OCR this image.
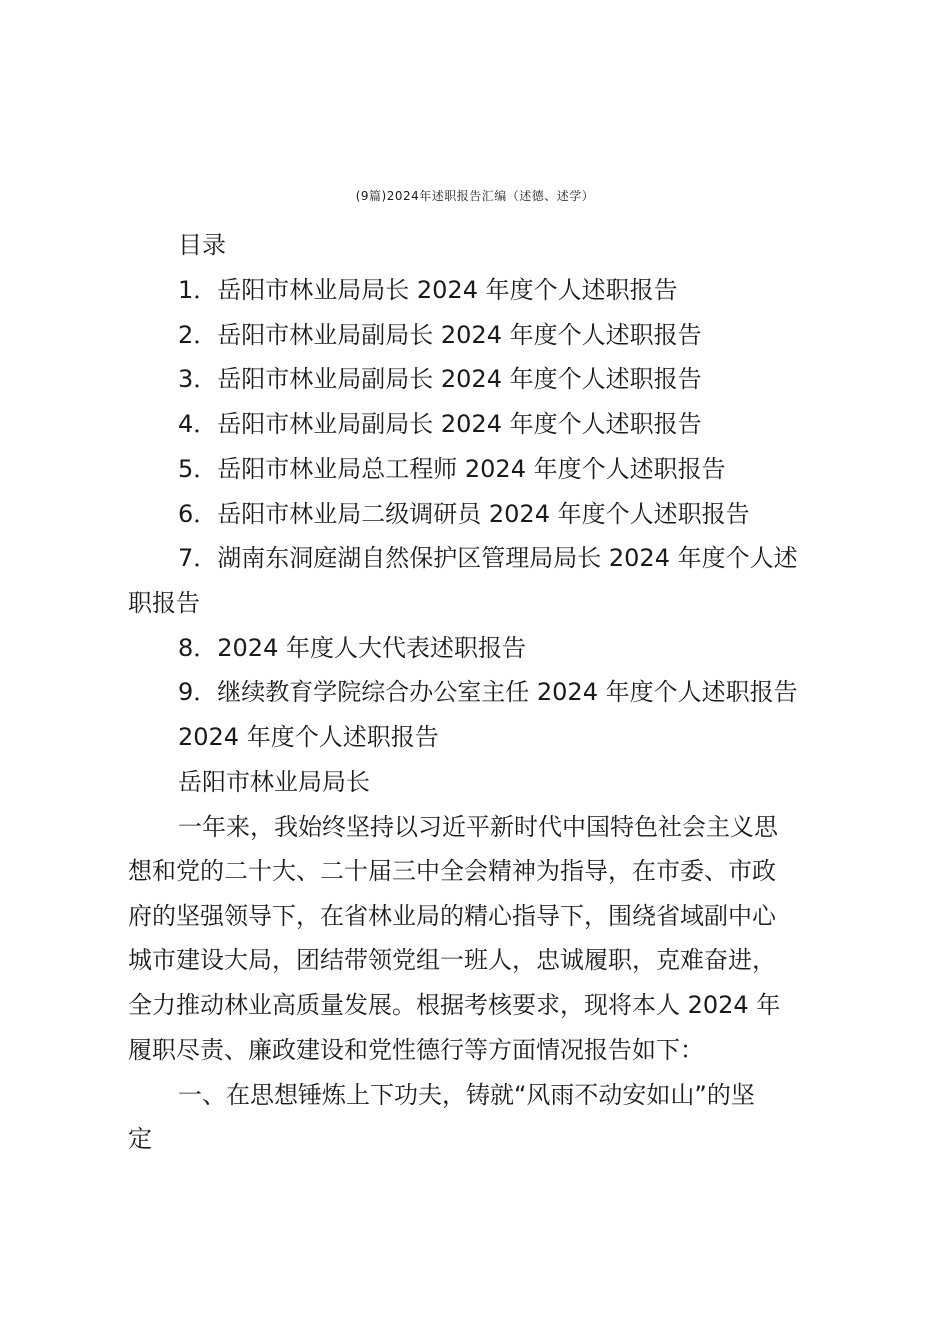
(9篇)2024年述职报告汇编（述德、述学）
目录
1．岳阳市林业局局长 2024 年度个人述职报告
2．岳阳市林业局副局长 2024 年度个人述职报告
3．岳阳市林业局副局长 2024 年度个人述职报告
4．岳阳市林业局副局长 2024 年度个人述职报告
5．岳阳市林业局总工程师 2024 年度个人述职报告
6．岳阳市林业局二级调研员 2024 年度个人述职报告
7．湖南东洞庭湖自然保护区管理局局长 2024 年度个人述
职报告
8．2024 年度人大代表述职报告
9．继续教育学院综合办公室主任 2024 年度个人述职报告
2024 年度个人述职报告
岳阳市林业局局长
一年来，我始终坚持以习近平新时代中国特色社会主义思
想和党的二十大、二十届三中全会精神为指导，在市委、市政
府的坚强领导下，在省林业局的精心指导下，围绕省域副中心
城市建设大局，团结带领党组一班人，忠诚履职，克难奋进，
全力推动林业高质量发展。根据考核要求，现将本人 2024 年
履职尽责、廉政建设和党性德行等方面情况报告如下：
一、在思想锤炼上下功夫，铸就“风雨不动安如山”的坚
定
